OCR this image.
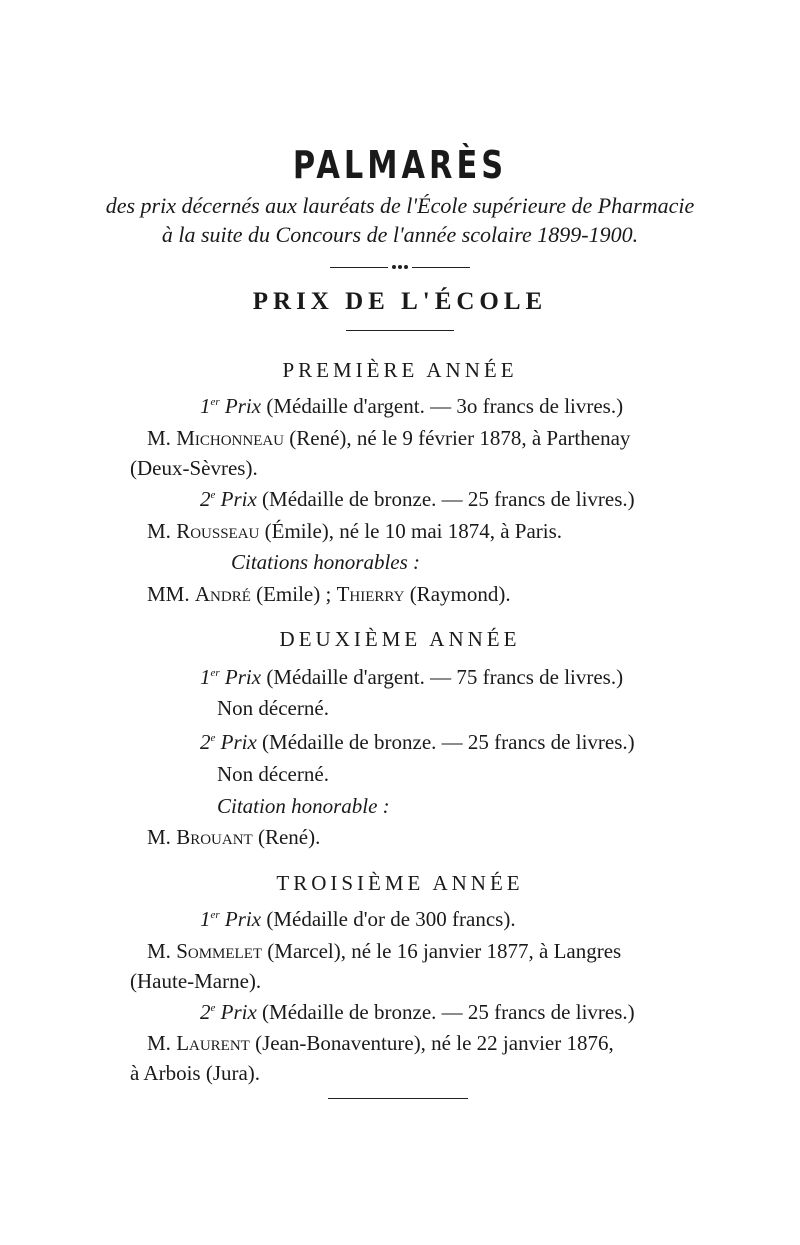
PALMARÈS
des prix décernés aux lauréats de l'École supérieure de Pharmacie
à la suite du Concours de l'année scolaire 1899-1900.
PRIX DE L'ÉCOLE
PREMIÈRE ANNÉE
1er Prix (Médaille d'argent. — 3o francs de livres.)
M. Michonneau (René), né le 9 février 1878, à Parthenay
(Deux-Sèvres).
2e Prix (Médaille de bronze. — 25 francs de livres.)
M. Rousseau (Émile), né le 10 mai 1874, à Paris.
Citations honorables :
MM. André (Emile) ; Thierry (Raymond).
DEUXIÈME ANNÉE
1er Prix (Médaille d'argent. — 75 francs de livres.)
Non décerné.
2e Prix (Médaille de bronze. — 25 francs de livres.)
Non décerné.
Citation honorable :
M. Brouant (René).
TROISIÈME ANNÉE
1er Prix (Médaille d'or de 300 francs).
M. Sommelet (Marcel), né le 16 janvier 1877, à Langres
(Haute-Marne).
2e Prix (Médaille de bronze. — 25 francs de livres.)
M. Laurent (Jean-Bonaventure), né le 22 janvier 1876,
à Arbois (Jura).
